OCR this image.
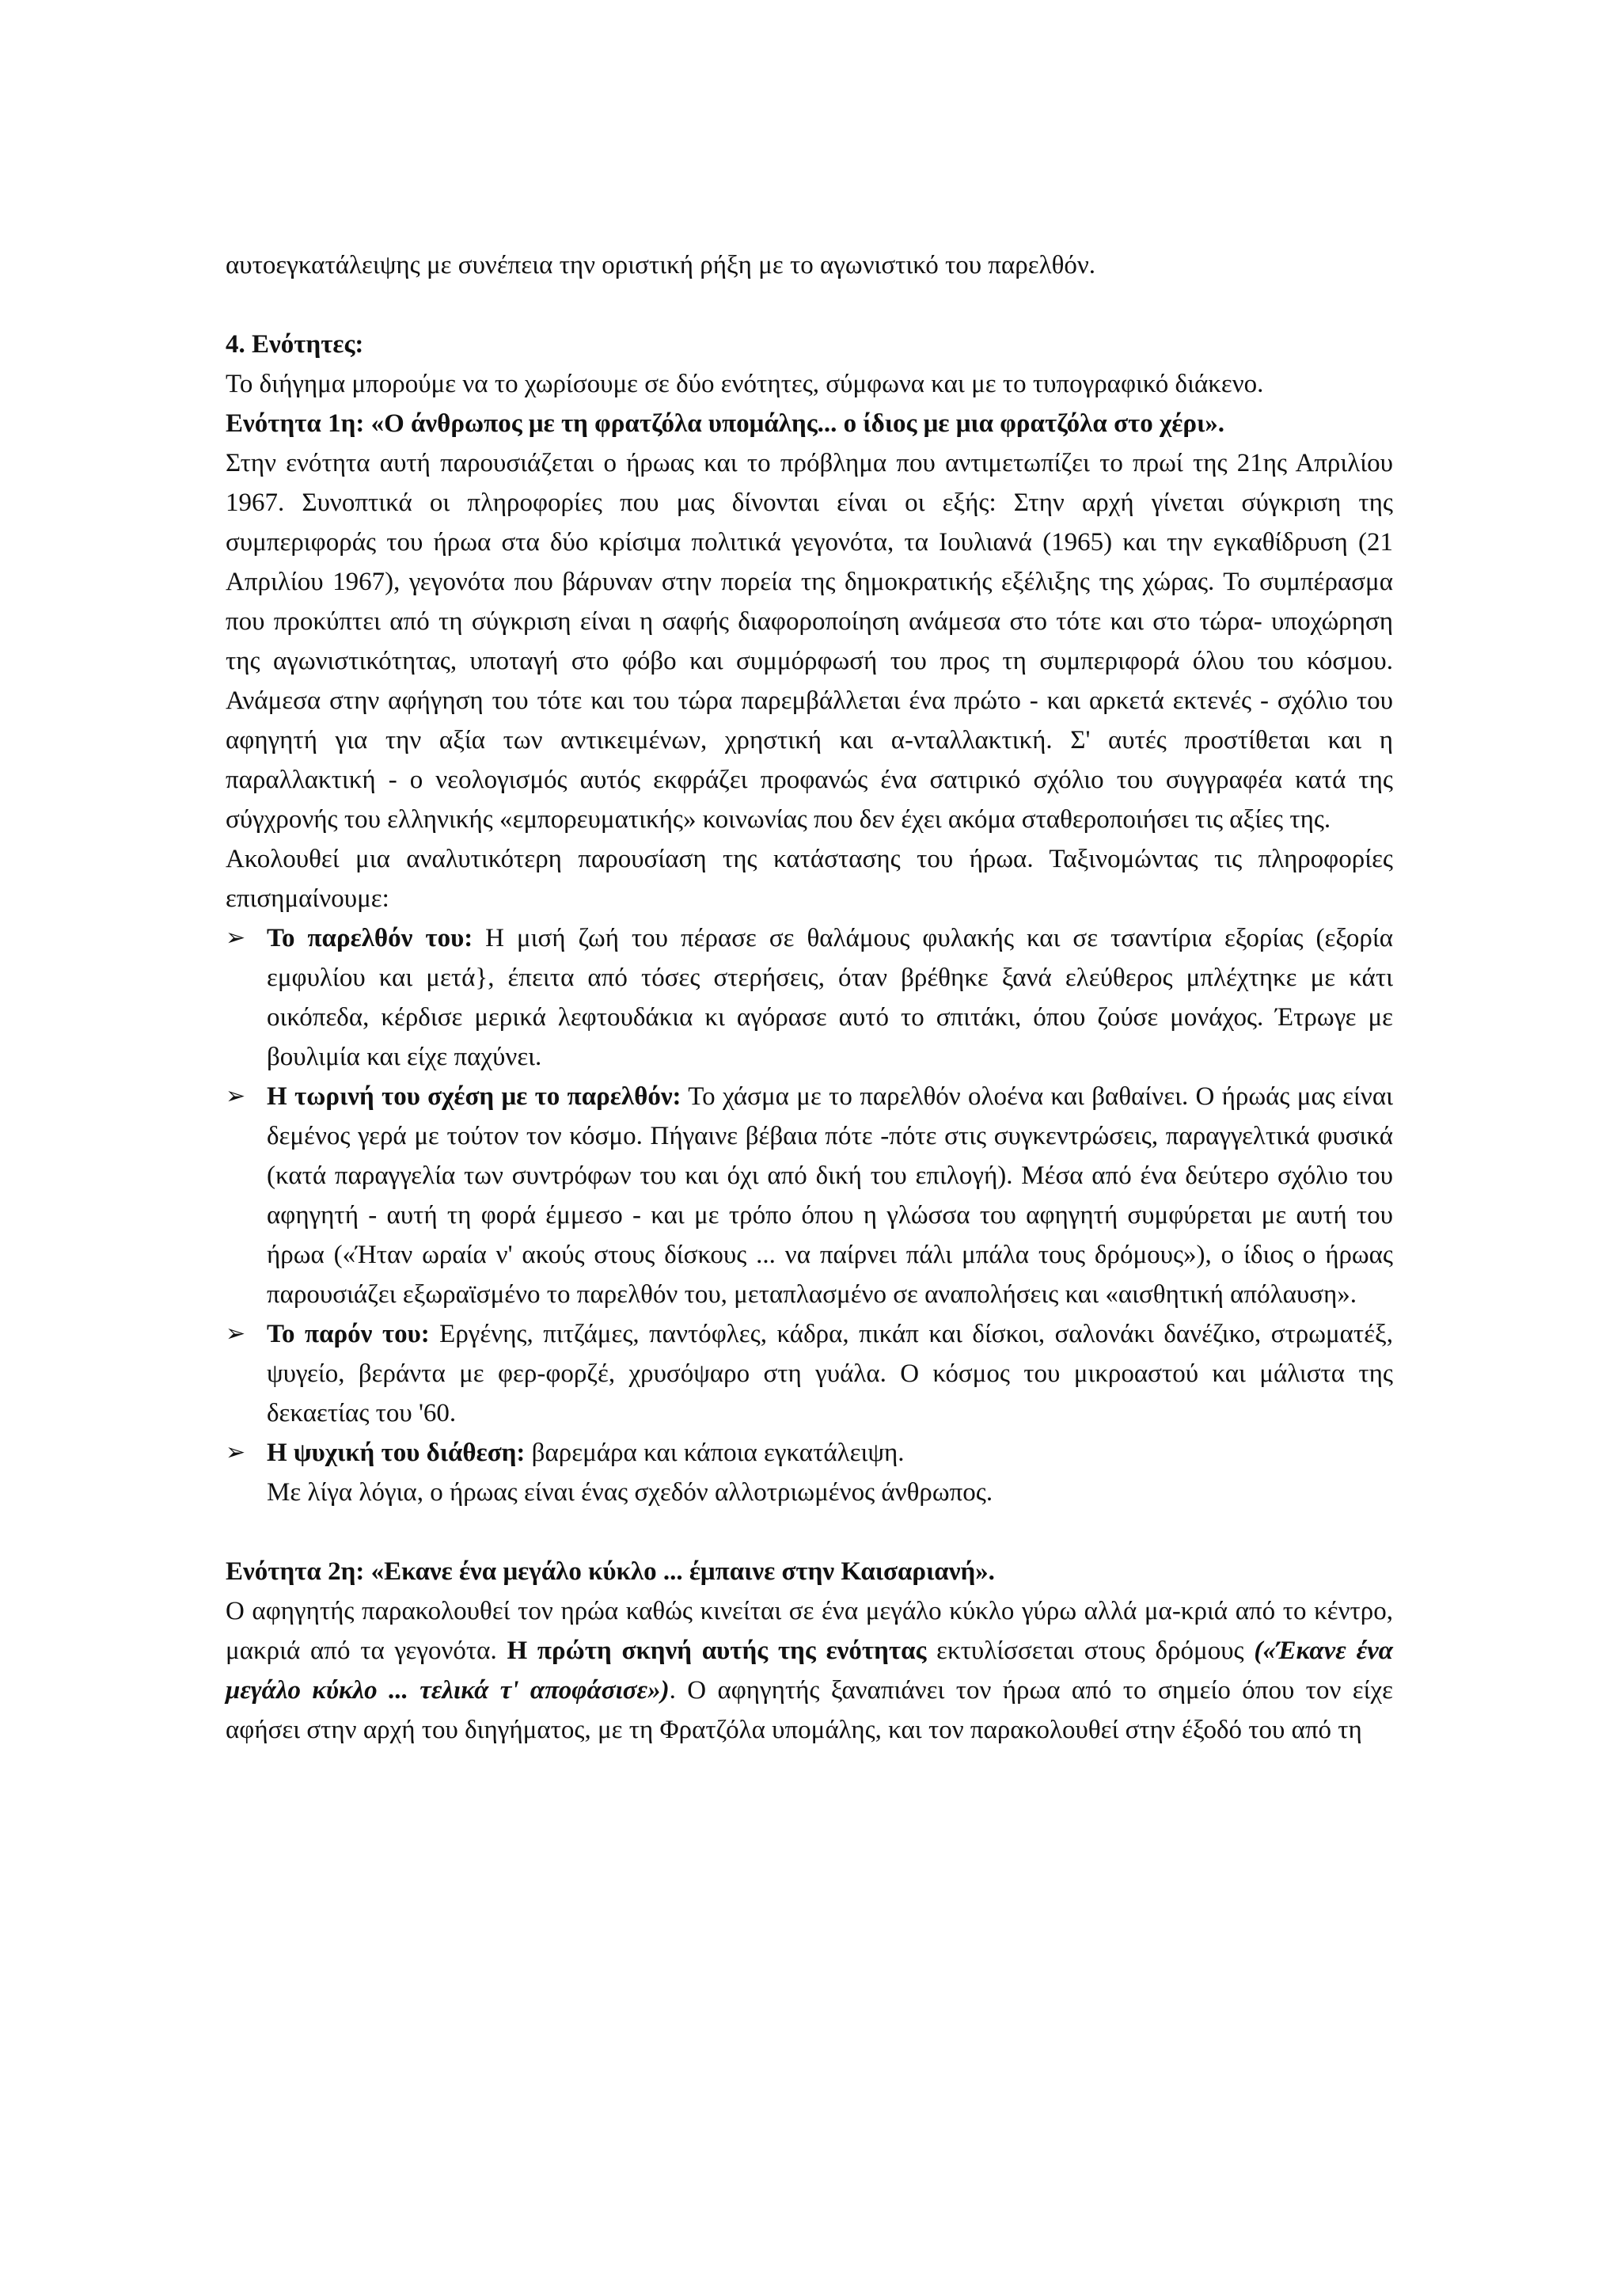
αυτοεγκατάλειψης με συνέπεια την οριστική ρήξη με το αγωνιστικό του παρελθόν.

4. Ενότητες:

Το διήγημα μπορούμε να το χωρίσουμε σε δύο ενότητες, σύμφωνα και με το τυπογραφικό διάκενο.

Ενότητα 1η: «Ο άνθρωπος με τη φρατζόλα υπομάλης... ο ίδιος με μια φρατζόλα στο χέρι».

Στην ενότητα αυτή παρουσιάζεται ο ήρωας και το πρόβλημα που αντιμετωπίζει το πρωί της 21ης Απριλίου 1967. Συνοπτικά οι πληροφορίες που μας δίνονται είναι οι εξής: Στην αρχή γίνεται σύγκριση της συμπεριφοράς του ήρωα στα δύο κρίσιμα πολιτικά γεγονότα, τα Ιουλιανά (1965) και την εγκαθίδρυση (21 Απριλίου 1967), γεγονότα που βάρυναν στην πορεία της δημοκρατικής εξέλιξης της χώρας. Το συμπέρασμα που προκύπτει από τη σύγκριση είναι η σαφής διαφοροποίηση ανάμεσα στο τότε και στο τώρα- υποχώρηση της αγωνιστικότητας, υποταγή στο φόβο και συμμόρφωσή του προς τη συμπεριφορά όλου του κόσμου. Ανάμεσα στην αφήγηση του τότε και του τώρα παρεμβάλλεται ένα πρώτο - και αρκετά εκτενές - σχόλιο του αφηγητή για την αξία των αντικειμένων, χρηστική και α-νταλλακτική. Σ' αυτές προστίθεται και η παραλλακτική - ο νεολογισμός αυτός εκφράζει προφανώς ένα σατιρικό σχόλιο του συγγραφέα κατά της σύγχρονής του ελληνικής «εμπορευματικής» κοινωνίας που δεν έχει ακόμα σταθεροποιήσει τις αξίες της.

Ακολουθεί μια αναλυτικότερη παρουσίαση της κατάστασης του ήρωα. Ταξινομώντας τις πληροφορίες επισημαίνουμε:

➢ Το παρελθόν του: Η μισή ζωή του πέρασε σε θαλάμους φυλακής και σε τσαντίρια εξορίας (εξορία εμφυλίου και μετά}, έπειτα από τόσες στερήσεις, όταν βρέθηκε ξανά ελεύθερος μπλέχτηκε με κάτι οικόπεδα, κέρδισε μερικά λεφτουδάκια κι αγόρασε αυτό το σπιτάκι, όπου ζούσε μονάχος. Έτρωγε με βουλιμία και είχε παχύνει.
➢ Η τωρινή του σχέση με το παρελθόν: Το χάσμα με το παρελθόν ολοένα και βαθαίνει. Ο ήρωάς μας είναι δεμένος γερά με τούτον τον κόσμο. Πήγαινε βέβαια πότε -πότε στις συγκεντρώσεις, παραγγελτικά φυσικά (κατά παραγγελία των συντρόφων του και όχι από δική του επιλογή). Μέσα από ένα δεύτερο σχόλιο του αφηγητή - αυτή τη φορά έμμεσο - και με τρόπο όπου η γλώσσα του αφηγητή συμφύρεται με αυτή του ήρωα («Ήταν ωραία ν' ακούς στους δίσκους ... να παίρνει πάλι μπάλα τους δρόμους»), ο ίδιος ο ήρωας παρουσιάζει εξωραϊσμένο το παρελθόν του, μεταπλασμένο σε αναπολήσεις και «αισθητική απόλαυση».
➢ Το παρόν του: Εργένης, πιτζάμες, παντόφλες, κάδρα, πικάπ και δίσκοι, σαλονάκι δανέζικο, στρωματέξ, ψυγείο, βεράντα με φερ-φορζέ, χρυσόψαρο στη γυάλα. Ο κόσμος του μικροαστού και μάλιστα της δεκαετίας του '60.
➢ Η ψυχική του διάθεση: βαρεμάρα και κάποια εγκατάλειψη.

Με λίγα λόγια, ο ήρωας είναι ένας σχεδόν αλλοτριωμένος άνθρωπος.

Ενότητα 2η: «Εκανε ένα μεγάλο κύκλο ... έμπαινε στην Καισαριανή».

Ο αφηγητής παρακολουθεί τον ηρώα καθώς κινείται σε ένα μεγάλο κύκλο γύρω αλλά μα-κριά από το κέντρο, μακριά από τα γεγονότα. Η πρώτη σκηνή αυτής της ενότητας εκτυλίσσεται στους δρόμους («Έκανε ένα μεγάλο κύκλο ... τελικά τ' αποφάσισε»). Ο αφηγητής ξαναπιάνει τον ήρωα από το σημείο όπου τον είχε αφήσει στην αρχή του διηγήματος, με τη Φρατζόλα υπομάλης, και τον παρακολουθεί στην έξοδό του από τη
